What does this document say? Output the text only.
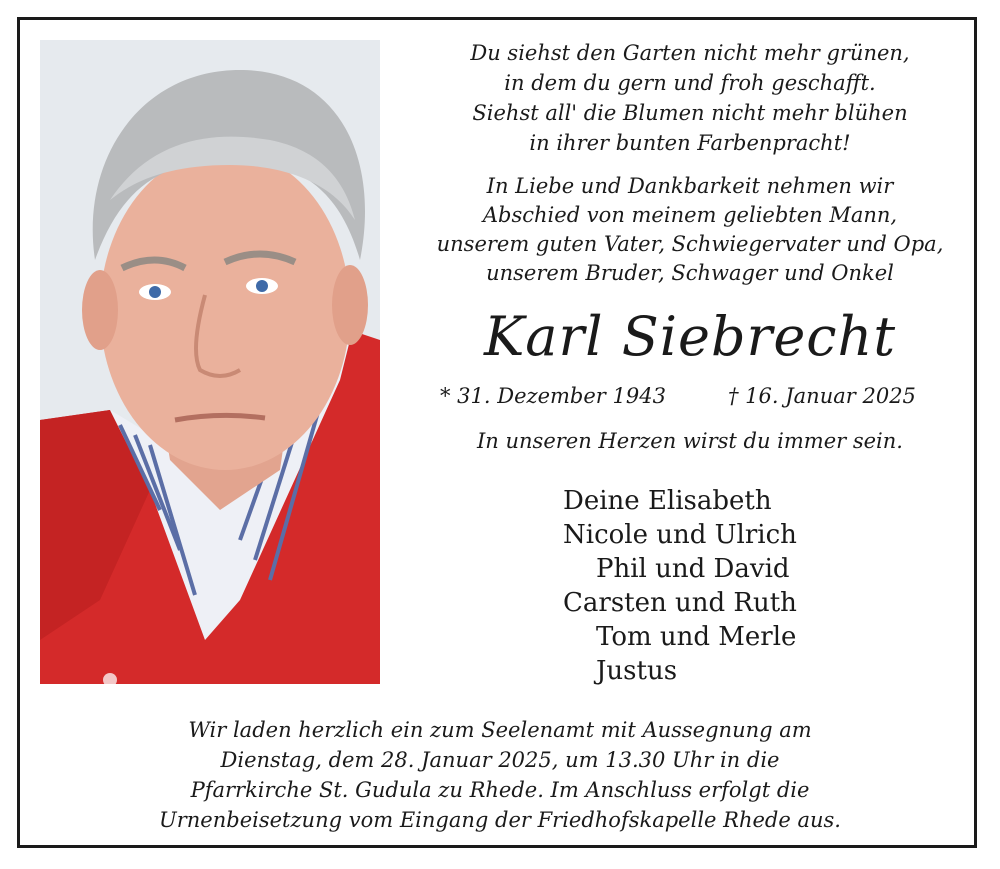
Du siehst den Garten nicht mehr grünen,
in dem du gern und froh geschafft.
Siehst all' die Blumen nicht mehr blühen
in ihrer bunten Farbenpracht!
In Liebe und Dankbarkeit nehmen wir
Abschied von meinem geliebten Mann,
unserem guten Vater, Schwiegervater und Opa,
unserem Bruder, Schwager und Onkel
Karl Siebrecht
* 31. Dezember 1943	† 16. Januar 2025
In unseren Herzen wirst du immer sein.
Deine Elisabeth
Nicole und Ulrich
Phil und David
Carsten und Ruth
Tom und Merle
Justus
Wir laden herzlich ein zum Seelenamt mit Aussegnung am
Dienstag, dem 28. Januar 2025, um 13.30 Uhr in die
Pfarrkirche St. Gudula zu Rhede. Im Anschluss erfolgt die
Urnenbeisetzung vom Eingang der Friedhofskapelle Rhede aus.
